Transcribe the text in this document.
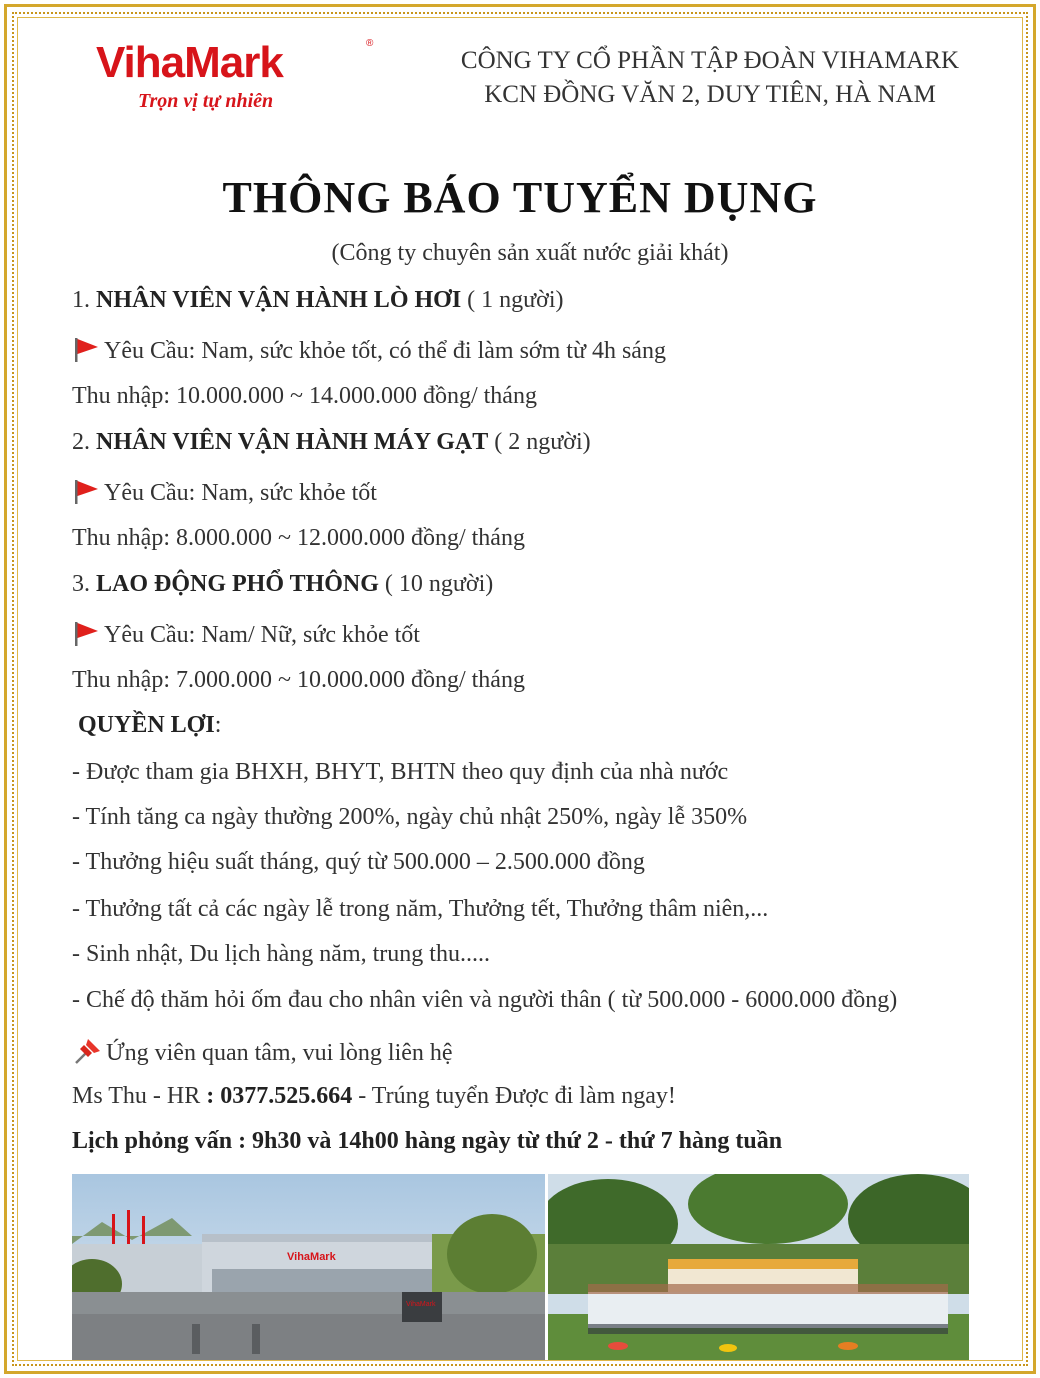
VihaMark	®
Trọn vị tự nhiên
CÔNG TY CỔ PHẦN TẬP ĐOÀN VIHAMARK
KCN ĐỒNG VĂN 2, DUY TIÊN, HÀ NAM
THÔNG BÁO TUYỂN DỤNG
(Công ty chuyên sản xuất nước giải khát)
1. NHÂN VIÊN VẬN HÀNH LÒ HƠI ( 1 người)
Yêu Cầu: Nam, sức khỏe tốt, có thể đi làm sớm từ 4h sáng
Thu nhập: 10.000.000 ~ 14.000.000 đồng/ tháng
2. NHÂN VIÊN VẬN HÀNH MÁY GẠT ( 2 người)
Yêu Cầu: Nam, sức khỏe tốt
Thu nhập: 8.000.000 ~ 12.000.000 đồng/ tháng
3. LAO ĐỘNG PHỔ THÔNG ( 10 người)
Yêu Cầu: Nam/ Nữ, sức khỏe tốt
Thu nhập: 7.000.000 ~ 10.000.000 đồng/ tháng
QUYỀN LỢI:
- Được tham gia BHXH, BHYT, BHTN theo quy định của nhà nước
- Tính tăng ca ngày thường 200%, ngày chủ nhật 250%, ngày lễ 350%
- Thưởng hiệu suất tháng, quý từ 500.000 – 2.500.000 đồng
- Thưởng tất cả các ngày lễ trong năm, Thưởng tết, Thưởng thâm niên,...
- Sinh nhật, Du lịch hàng năm, trung thu.....
- Chế độ thăm hỏi ốm đau cho nhân viên và người thân ( từ 500.000 - 6000.000 đồng)
Ứng viên quan tâm, vui lòng liên hệ
Ms Thu - HR : 0377.525.664 - Trúng tuyển Được đi làm ngay!
Lịch phỏng vấn : 9h30 và 14h00 hàng ngày từ thứ 2 - thứ 7 hàng tuần
VihaMark
VihaMark
